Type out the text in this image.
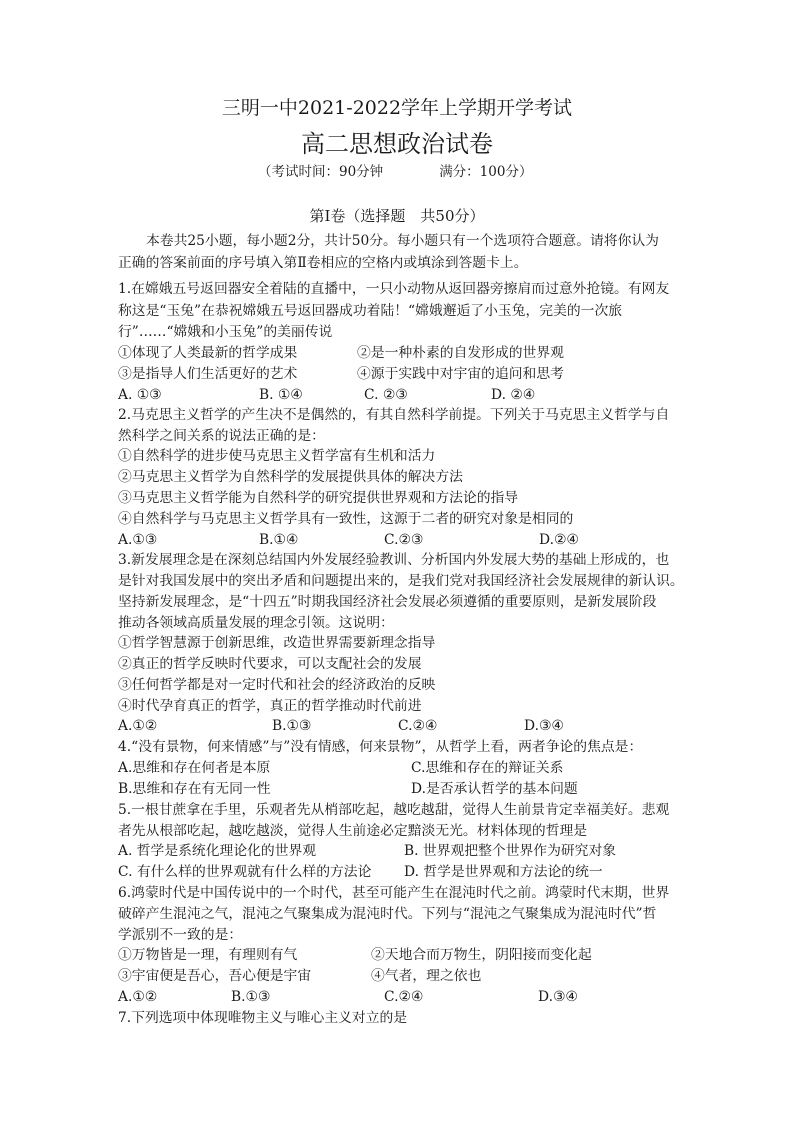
三明一中2021-2022学年上学期开学考试
高二思想政治试卷
（考试时间：90分钟	满分：100分）
第Ⅰ卷（选择题　共50分）
本卷共25小题，每小题2分，共计50分。每小题只有一个选项符合题意。请将你认为
正确的答案前面的序号填入第Ⅱ卷相应的空格内或填涂到答题卡上。
1.在嫦娥五号返回器安全着陆的直播中，一只小动物从返回器旁擦肩而过意外抢镜。有网友
称这是“玉兔”在恭祝嫦娥五号返回器成功着陆！“嫦娥邂逅了小玉兔，完美的一次旅
行”……“嫦娥和小玉兔”的美丽传说
①体现了人类最新的哲学成果	②是一种朴素的自发形成的世界观
③是指导人们生活更好的艺术	④源于实践中对宇宙的追问和思考
A. ①③	B. ①④	C. ②③	D. ②④
2.马克思主义哲学的产生决不是偶然的，有其自然科学前提。下列关于马克思主义哲学与自
然科学之间关系的说法正确的是：
①自然科学的进步使马克思主义哲学富有生机和活力
②马克思主义哲学为自然科学的发展提供具体的解决方法
③马克思主义哲学能为自然科学的研究提供世界观和方法论的指导
④自然科学与马克思主义哲学具有一致性，这源于二者的研究对象是相同的
A.①③	B.①④	C.②③	D.②④
3.新发展理念是在深刻总结国内外发展经验教训、分析国内外发展大势的基础上形成的，也
是针对我国发展中的突出矛盾和问题提出来的，是我们党对我国经济社会发展规律的新认识。
坚持新发展理念，是“十四五”时期我国经济社会发展必须遵循的重要原则，是新发展阶段
推动各领域高质量发展的理念引领。这说明：
①哲学智慧源于创新思维，改造世界需要新理念指导
②真正的哲学反映时代要求，可以支配社会的发展
③任何哲学都是对一定时代和社会的经济政治的反映
④时代孕育真正的哲学，真正的哲学推动时代前进
A.①②	B.①③	C.②④	D.③④
4.“没有景物，何来情感”与”没有情感，何来景物”，从哲学上看，两者争论的焦点是：
A.思维和存在何者是本原	C.思维和存在的辩证关系
B.思维和存在有无同一性	D.是否承认哲学的基本问题
5.一根甘蔗拿在手里，乐观者先从梢部吃起，越吃越甜，觉得人生前景肯定幸福美好。悲观
者先从根部吃起，越吃越淡，觉得人生前途必定黯淡无光。材料体现的哲理是
A. 哲学是系统化理论化的世界观	B. 世界观把整个世界作为研究对象
C. 有什么样的世界观就有什么样的方法论 D. 哲学是世界观和方法论的统一
6.鸿蒙时代是中国传说中的一个时代，甚至可能产生在混沌时代之前。鸿蒙时代末期，世界
破碎产生混沌之气，混沌之气聚集成为混沌时代。下列与“混沌之气聚集成为混沌时代”哲
学派别不一致的是：
①万物皆是一理，有理则有气	②天地合而万物生，阴阳接而变化起
③宇宙便是吾心，吾心便是宇宙	④气者，理之依也
A.①②	B.①③	C.②④	D.③④
7.下列选项中体现唯物主义与唯心主义对立的是
